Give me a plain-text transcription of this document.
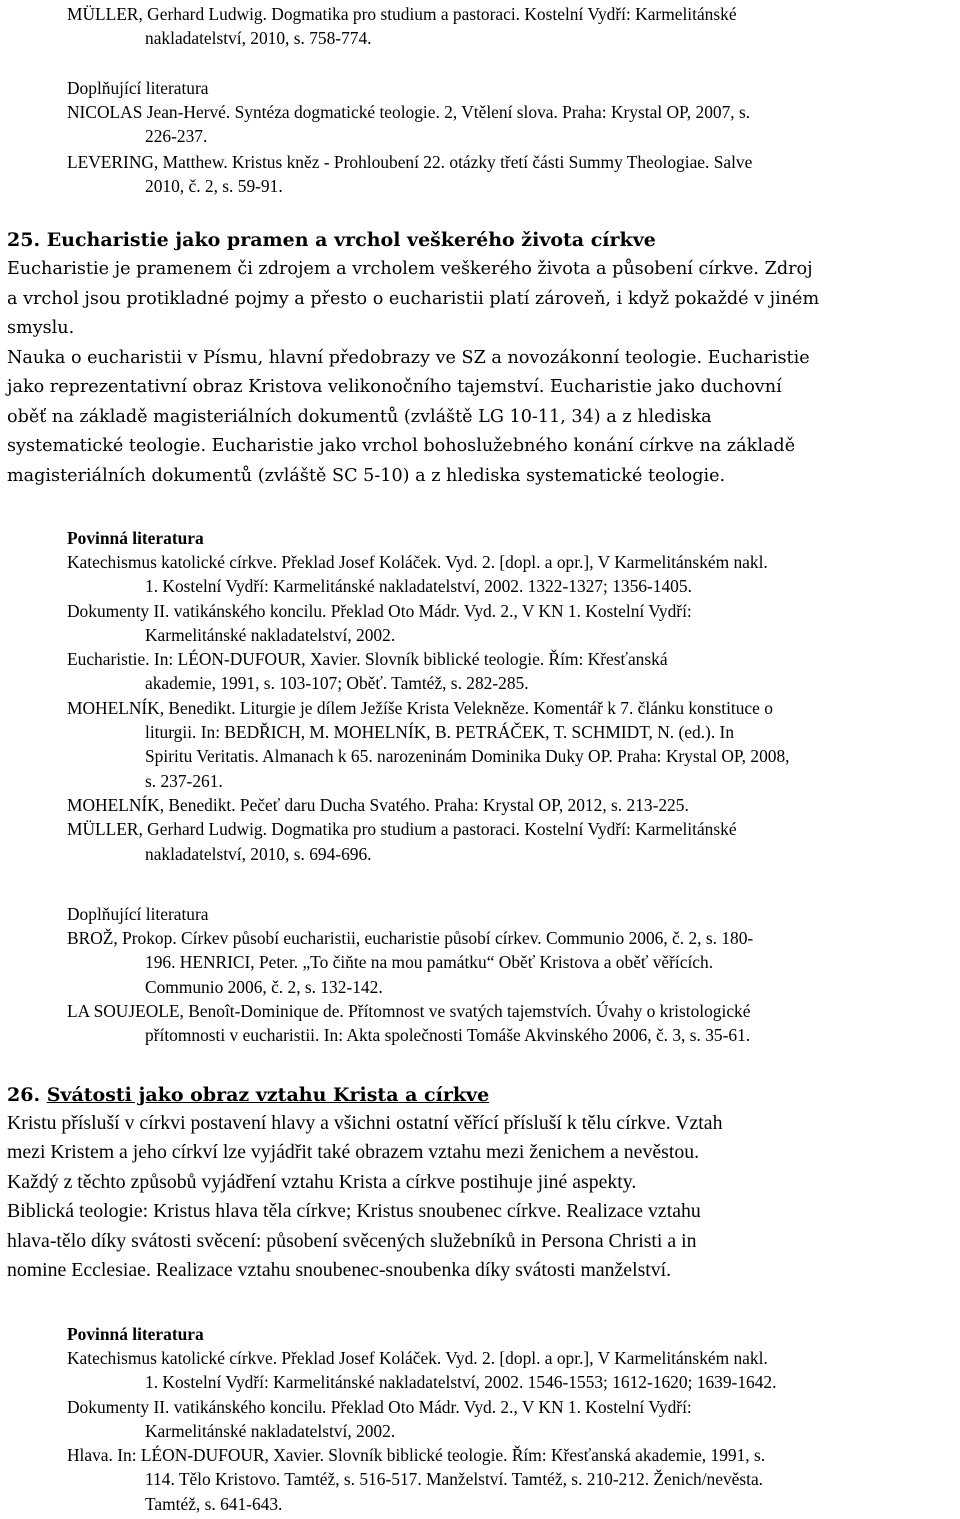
MÜLLER, Gerhard Ludwig. Dogmatika pro studium a pastoraci. Kostelní Vydří: Karmelitánské
nakladatelství, 2010, s. 758-774.
Doplňující literatura
NICOLAS Jean-Hervé. Syntéza dogmatické teologie. 2, Vtělení slova. Praha: Krystal OP, 2007, s.
226-237.
LEVERING, Matthew. Kristus kněz - Prohloubení 22. otázky třetí části Summy Theologiae. Salve
2010, č. 2, s. 59-91.
25. Eucharistie jako pramen a vrchol veškerého života církve
Eucharistie je pramenem či zdrojem a vrcholem veškerého života a působení církve. Zdroj
a vrchol jsou protikladné pojmy a přesto o eucharistii platí zároveň, i když pokaždé v jiném
smyslu.
Nauka o eucharistii v Písmu, hlavní předobrazy ve SZ a novozákonní teologie. Eucharistie
jako reprezentativní obraz Kristova velikonočního tajemství. Eucharistie jako duchovní
oběť na základě magisteriálních dokumentů (zvláště LG 10-11, 34) a z hlediska
systematické teologie. Eucharistie jako vrchol bohoslužebného konání církve na základě
magisteriálních dokumentů (zvláště SC 5-10) a z hlediska systematické teologie.
Povinná literatura
Katechismus katolické církve. Překlad Josef Koláček. Vyd. 2. [dopl. a opr.], V Karmelitánském nakl.
1. Kostelní Vydří: Karmelitánské nakladatelství, 2002. 1322-1327; 1356-1405.
Dokumenty II. vatikánského koncilu. Překlad Oto Mádr. Vyd. 2., V KN 1. Kostelní Vydří:
Karmelitánské nakladatelství, 2002.
Eucharistie. In: LÉON-DUFOUR, Xavier. Slovník biblické teologie. Řím: Křesťanská
akademie, 1991, s. 103-107; Oběť. Tamtéž, s. 282-285.
MOHELNÍK, Benedikt. Liturgie je dílem Ježíše Krista Velekněze. Komentář k 7. článku konstituce o
liturgii. In: BEDŘICH, M. MOHELNÍK, B. PETRÁČEK, T. SCHMIDT, N. (ed.). In
Spiritu Veritatis. Almanach k 65. narozeninám Dominika Duky OP. Praha: Krystal OP, 2008,
s. 237-261.
MOHELNÍK, Benedikt. Pečeť daru Ducha Svatého. Praha: Krystal OP, 2012, s. 213-225.
MÜLLER, Gerhard Ludwig. Dogmatika pro studium a pastoraci. Kostelní Vydří: Karmelitánské
nakladatelství, 2010, s. 694-696.
Doplňující literatura
BROŽ, Prokop. Církev působí eucharistii, eucharistie působí církev. Communio 2006, č. 2, s. 180-
196. HENRICI, Peter. „To čiňte na mou památku“ Oběť Kristova a oběť věřících.
Communio 2006, č. 2, s. 132-142.
LA SOUJEOLE, Benoît-Dominique de. Přítomnost ve svatých tajemstvích. Úvahy o kristologické
přítomnosti v eucharistii. In: Akta společnosti Tomáše Akvinského 2006, č. 3, s. 35-61.
26. Svátosti jako obraz vztahu Krista a církve
Kristu přísluší v církvi postavení hlavy a všichni ostatní věřící přísluší k tělu církve. Vztah
mezi Kristem a jeho církví lze vyjádřit také obrazem vztahu mezi ženichem a nevěstou.
Každý z těchto způsobů vyjádření vztahu Krista a církve postihuje jiné aspekty.
Biblická teologie: Kristus hlava těla církve; Kristus snoubenec církve. Realizace vztahu
hlava-tělo díky svátosti svěcení: působení svěcených služebníků in Persona Christi a in
nomine Ecclesiae. Realizace vztahu snoubenec-snoubenka díky svátosti manželství.
Povinná literatura
Katechismus katolické církve. Překlad Josef Koláček. Vyd. 2. [dopl. a opr.], V Karmelitánském nakl.
1. Kostelní Vydří: Karmelitánské nakladatelství, 2002. 1546-1553; 1612-1620; 1639-1642.
Dokumenty II. vatikánského koncilu. Překlad Oto Mádr. Vyd. 2., V KN 1. Kostelní Vydří:
Karmelitánské nakladatelství, 2002.
Hlava. In: LÉON-DUFOUR, Xavier. Slovník biblické teologie. Řím: Křesťanská akademie, 1991, s.
114. Tělo Kristovo. Tamtéž, s. 516-517. Manželství. Tamtéž, s. 210-212. Ženich/nevěsta.
Tamtéž, s. 641-643.
